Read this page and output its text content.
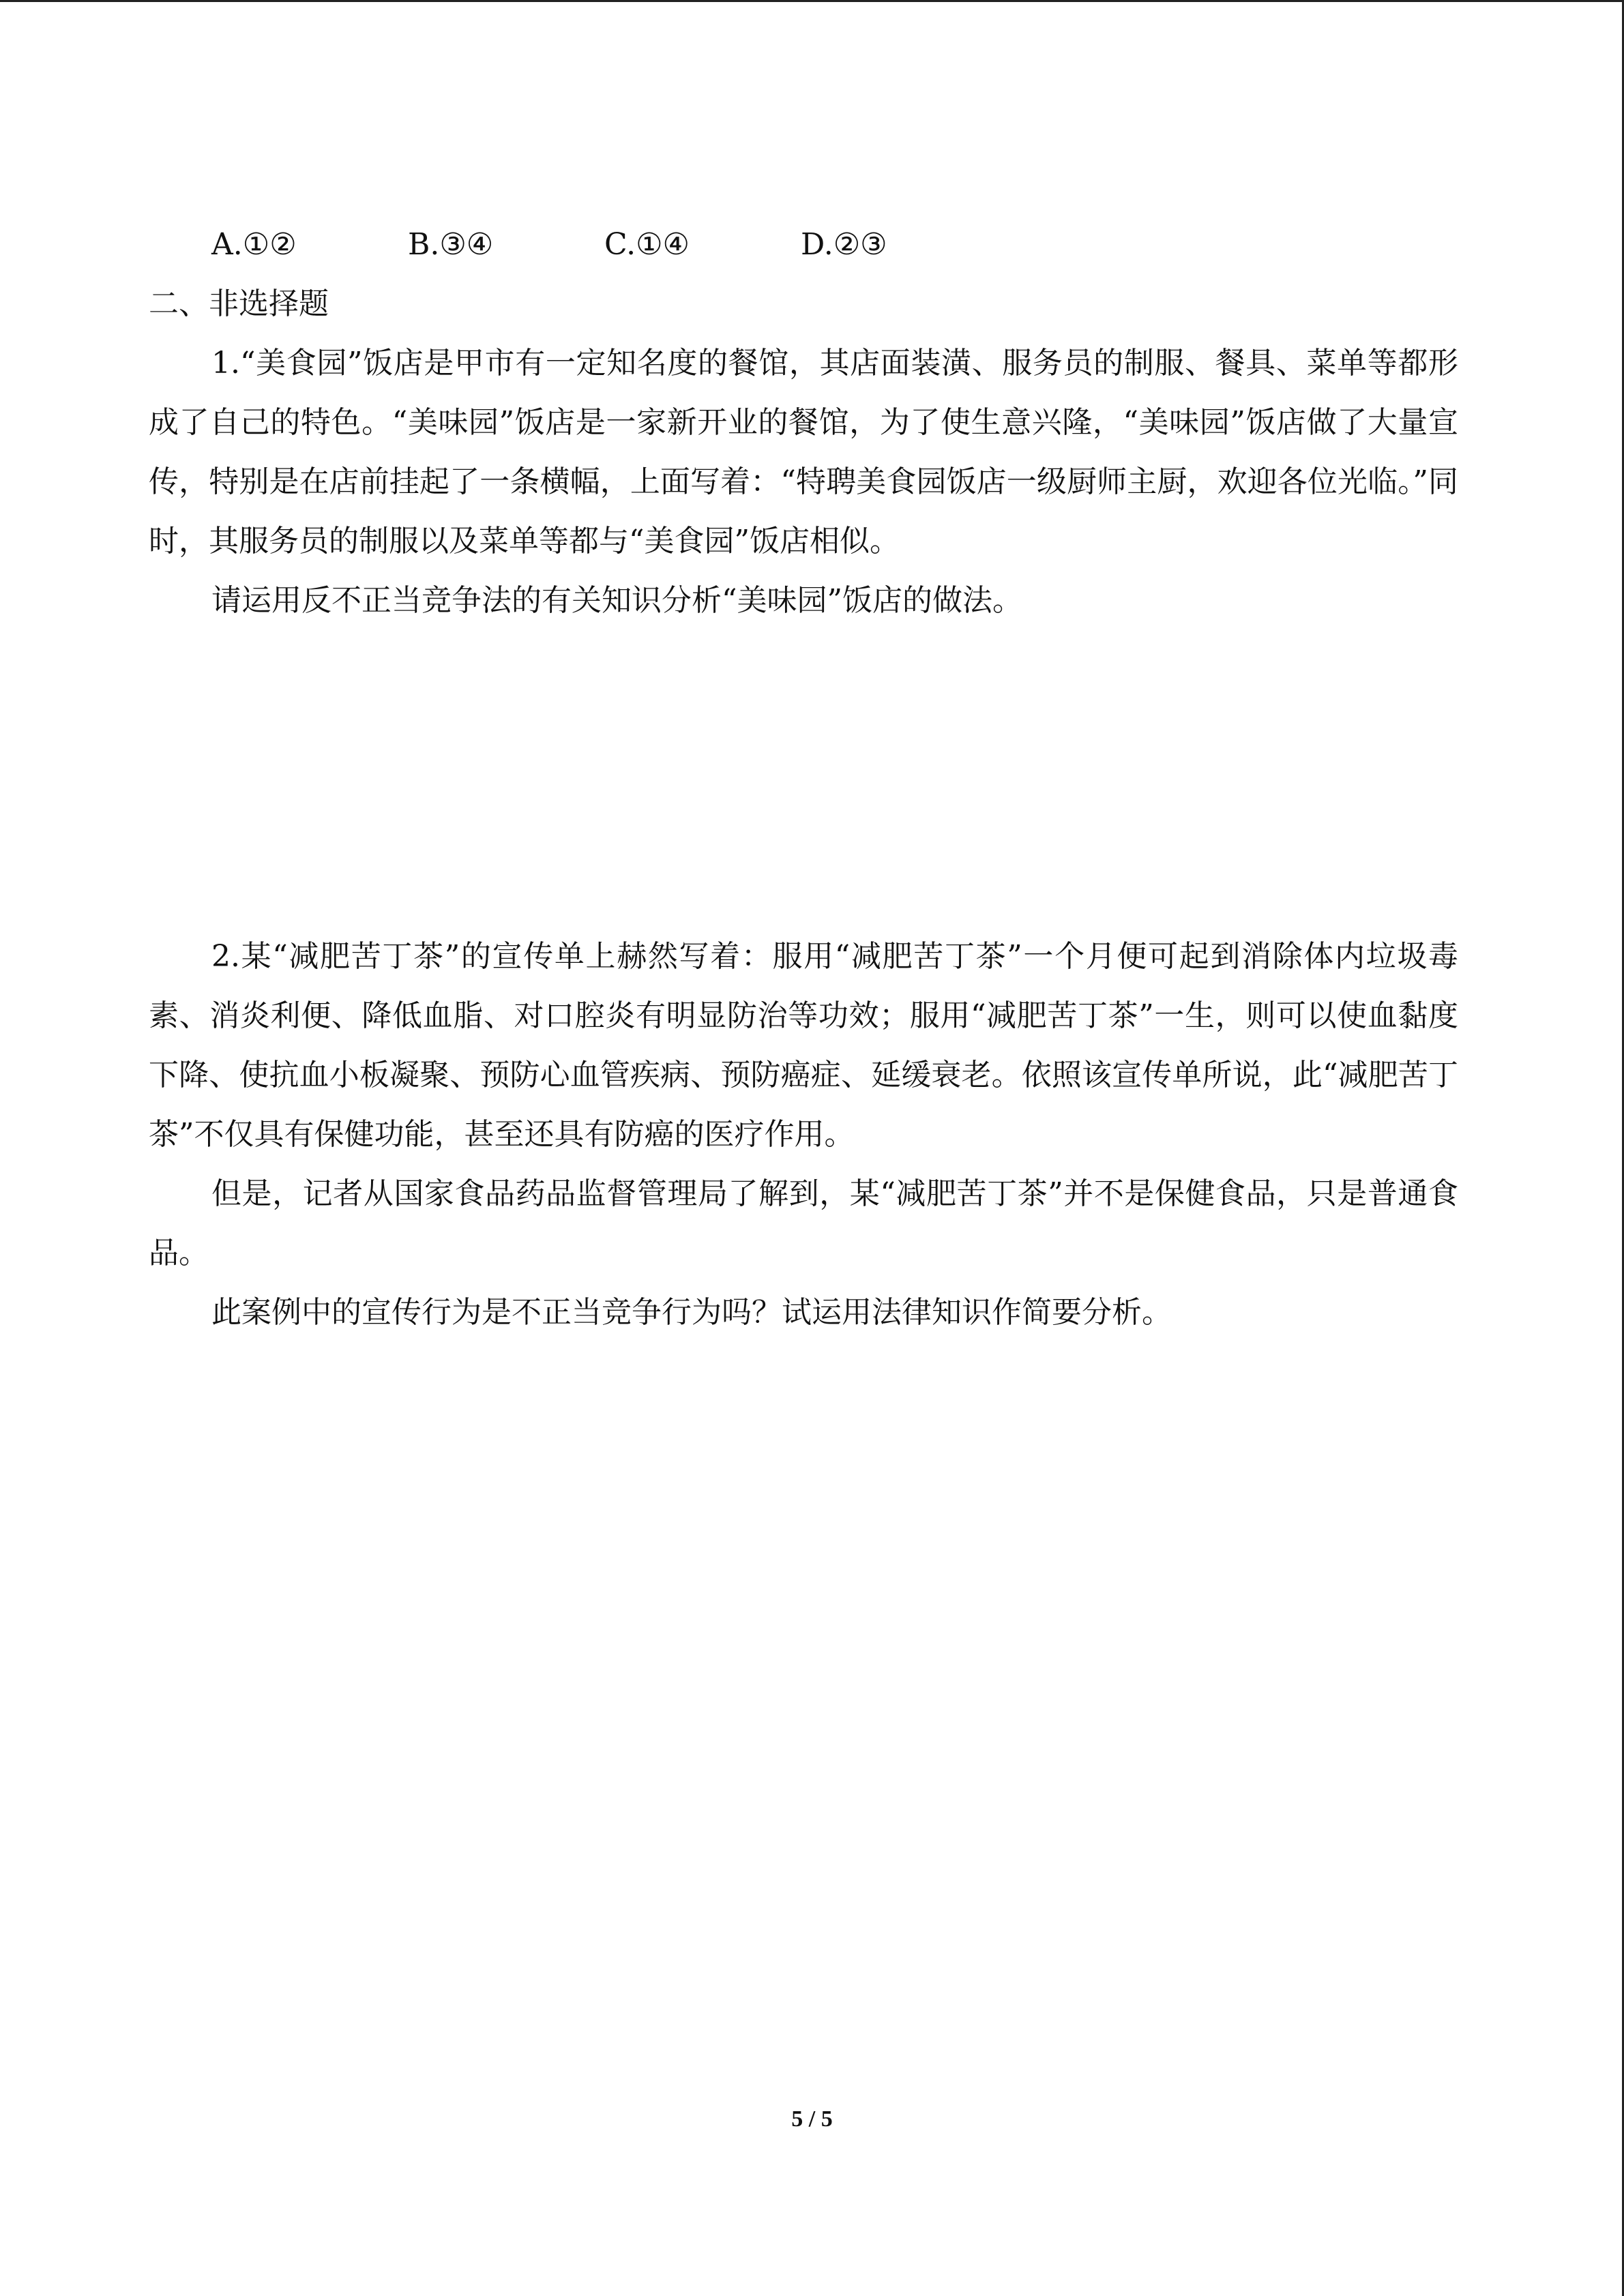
A.①②	B.③④	C.①④	D.②③
二、非选择题

1.“美食园”饭店是甲市有一定知名度的餐馆，其店面装潢、服务员的制服、餐具、菜单等都形成了自己的特色。“美味园”饭店是一家新开业的餐馆，为了使生意兴隆，“美味园”饭店做了大量宣传，特别是在店前挂起了一条横幅，上面写着：“特聘美食园饭店一级厨师主厨，欢迎各位光临。”同时，其服务员的制服以及菜单等都与“美食园”饭店相似。

请运用反不正当竞争法的有关知识分析“美味园”饭店的做法。

2.某“减肥苦丁茶”的宣传单上赫然写着：服用“减肥苦丁茶”一个月便可起到消除体内垃圾毒素、消炎利便、降低血脂、对口腔炎有明显防治等功效；服用“减肥苦丁茶”一生，则可以使血黏度下降、使抗血小板凝聚、预防心血管疾病、预防癌症、延缓衰老。依照该宣传单所说，此“减肥苦丁茶”不仅具有保健功能，甚至还具有防癌的医疗作用。

但是，记者从国家食品药品监督管理局了解到，某“减肥苦丁茶”并不是保健食品，只是普通食品。

此案例中的宣传行为是不正当竞争行为吗？试运用法律知识作简要分析。

5 / 5
